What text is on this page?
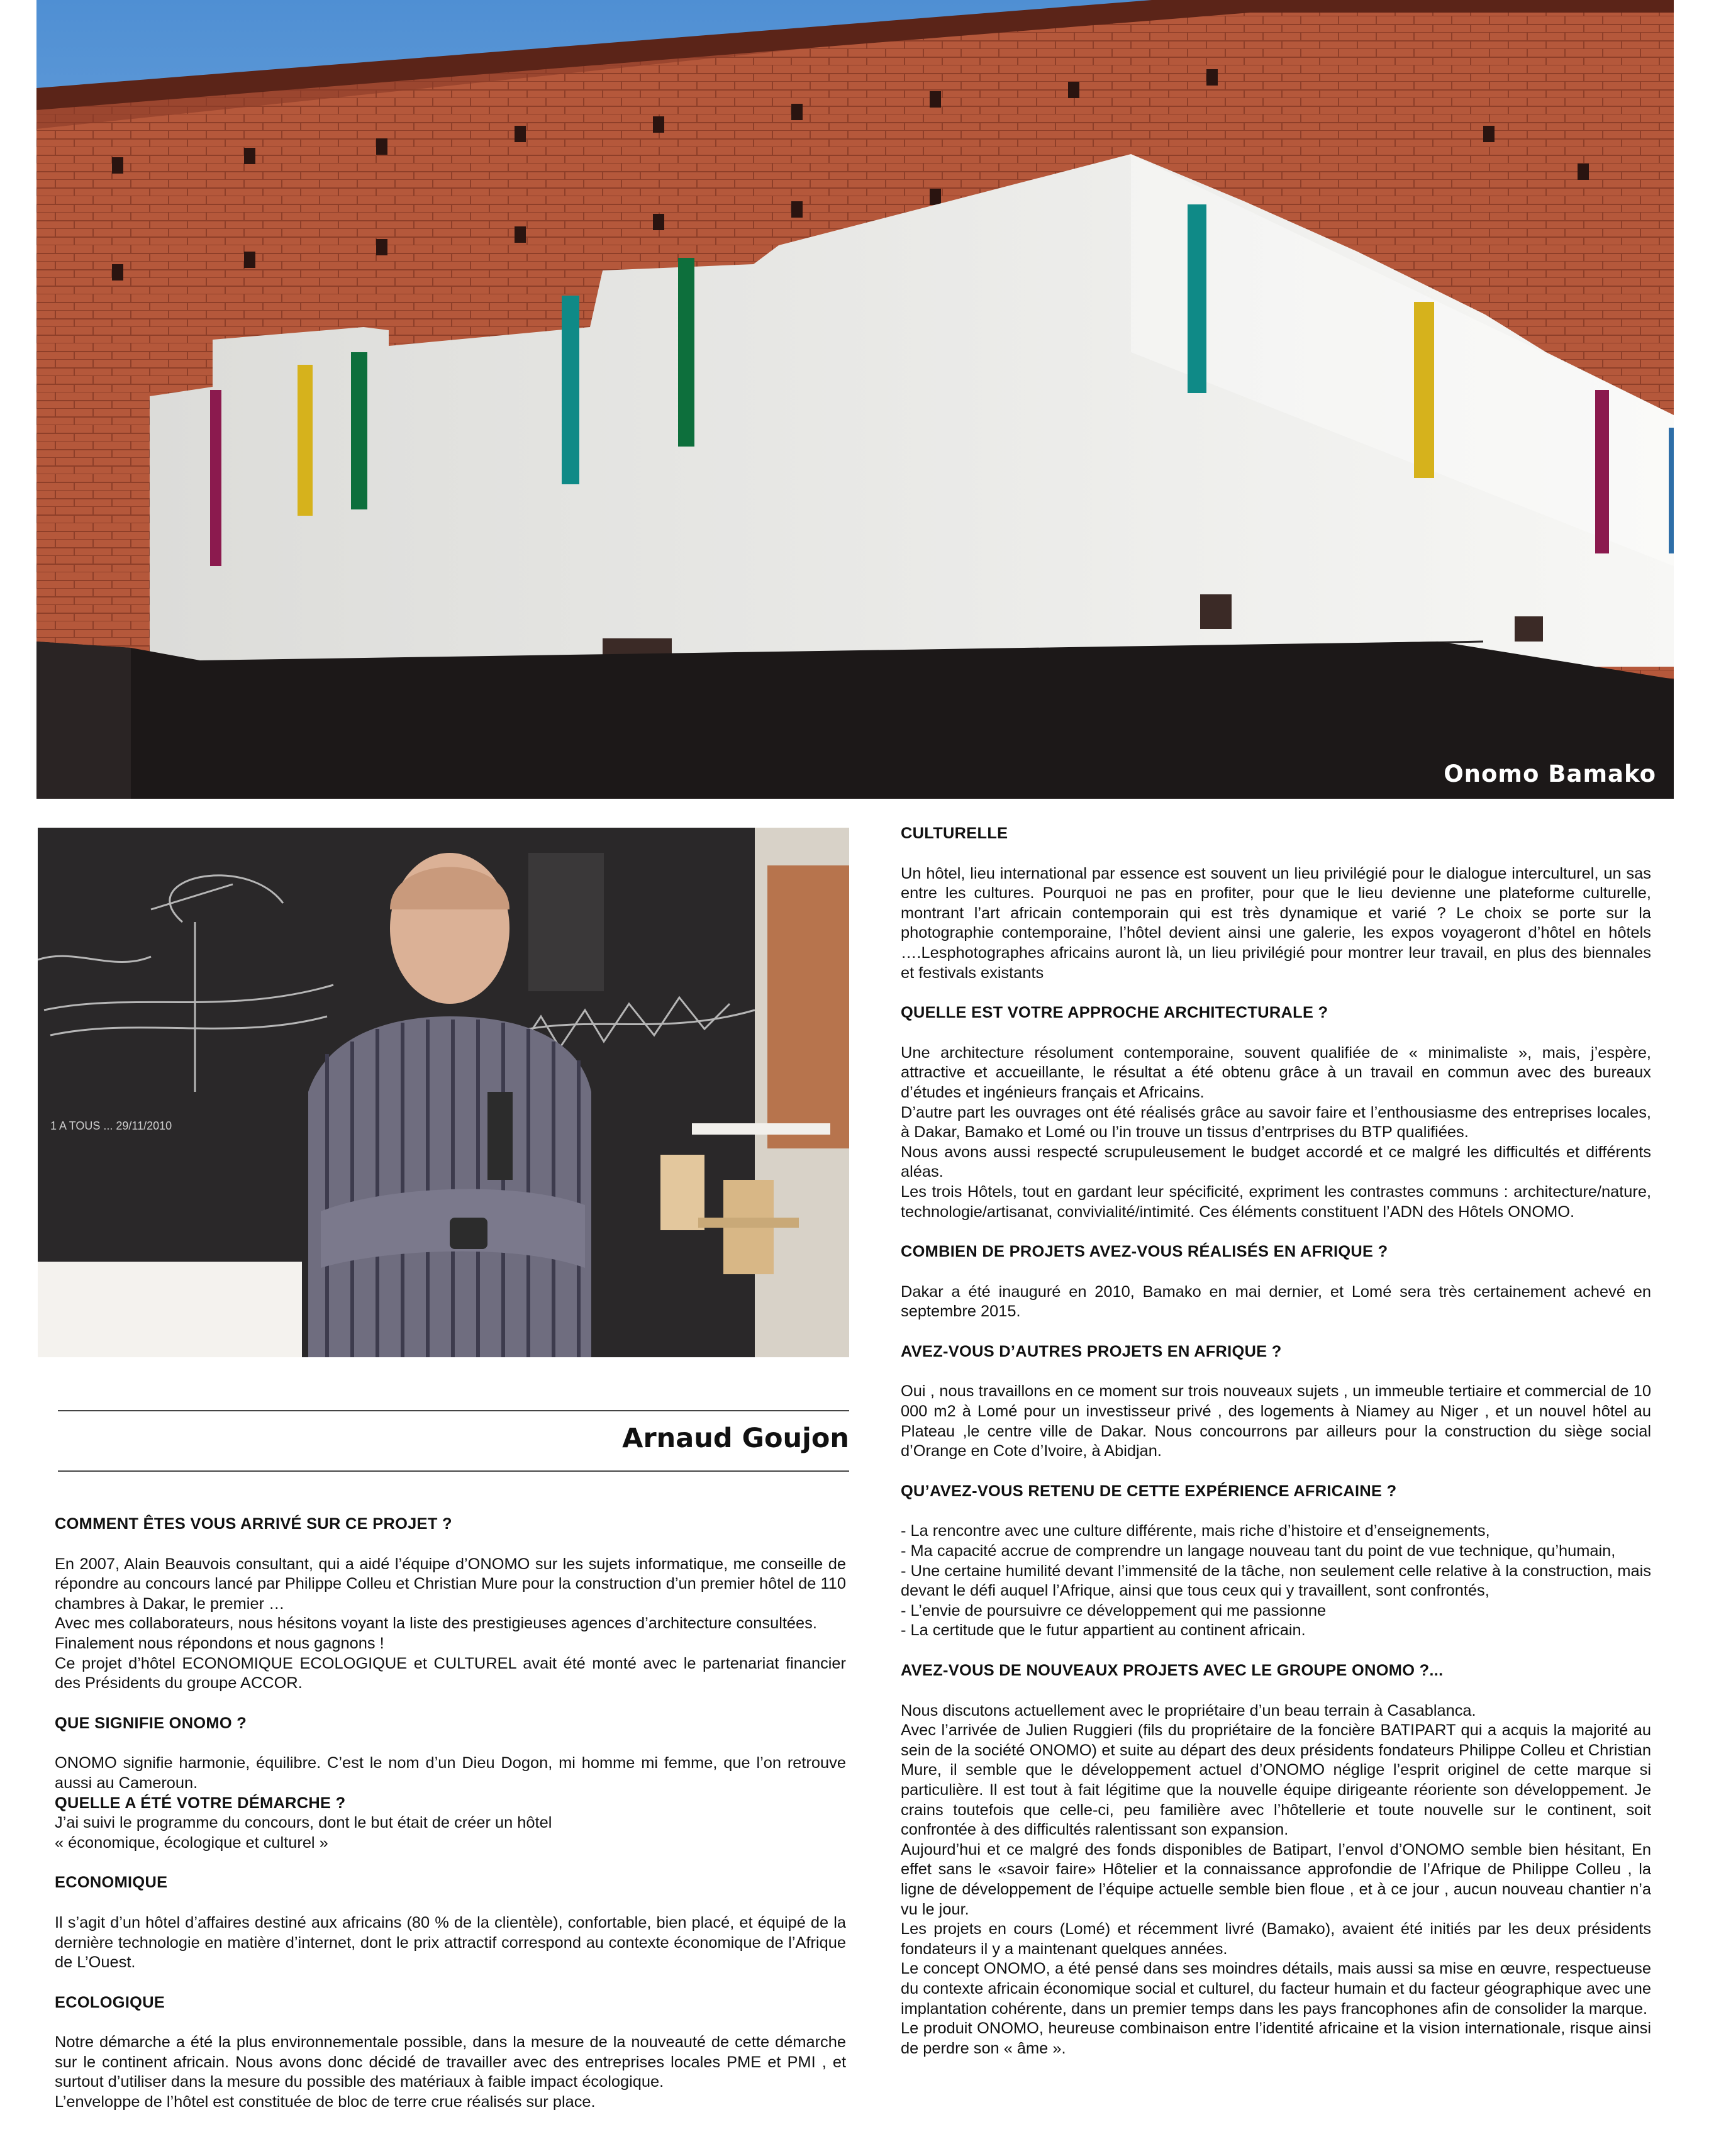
Onomo Bamako
1 A TOUS ... 29/11/2010
Arnaud Goujon
COMMENT ÊTES VOUS ARRIVÉ SUR CE PROJET ?

En 2007, Alain Beauvois consultant, qui a aidé l’équipe d’ONOMO sur les sujets informatique, me conseille de répondre au concours lancé par Philippe Colleu et Christian Mure pour la construction d’un premier hôtel de 110 chambres à Dakar, le premier …

Avec mes collaborateurs, nous hésitons voyant la liste des prestigieuses agences d’architecture consultées.

Finalement nous répondons et nous gagnons !

Ce projet d’hôtel ECONOMIQUE ECOLOGIQUE et CULTUREL avait été monté avec le partenariat financier des Présidents du groupe ACCOR.

QUE SIGNIFIE ONOMO ?

ONOMO signifie harmonie, équilibre. C’est le nom d’un Dieu Dogon, mi homme mi femme, que l’on retrouve aussi au Cameroun.

QUELLE A ÉTÉ VOTRE DÉMARCHE ?

J’ai suivi le programme du concours, dont le but était de créer un hôtel

« économique, écologique et culturel »

ECONOMIQUE

Il s’agit d’un hôtel d’affaires destiné aux africains (80 % de la clientèle), confortable, bien placé, et équipé de la dernière technologie en matière d’internet, dont le prix attractif correspond au contexte économique de l’Afrique de L’Ouest.

ECOLOGIQUE

Notre démarche a été la plus environnementale possible, dans la mesure de la nouveauté de cette démarche sur le continent africain. Nous avons donc décidé de travailler avec des entreprises locales PME et PMI , et surtout d’utiliser dans la mesure du possible des matériaux à faible impact écologique.

L’enveloppe de l’hôtel est constituée de bloc de terre crue réalisés sur place.

CULTURELLE

Un hôtel, lieu international par essence est souvent un lieu privilégié pour le dialogue interculturel, un sas entre les cultures. Pourquoi ne pas en profiter, pour que le lieu devienne une plateforme culturelle, montrant l’art africain contemporain qui est très dynamique et varié ? Le choix se porte sur la photographie contemporaine, l’hôtel devient ainsi une galerie, les expos voyageront d’hôtel en hôtels ….Lesphotographes africains auront là, un lieu privilégié pour montrer leur travail, en plus des biennales et festivals existants

QUELLE EST VOTRE APPROCHE ARCHITECTURALE ?

Une architecture résolument contemporaine, souvent qualifiée de « minimaliste », mais, j’espère, attractive et accueillante, le résultat a été obtenu grâce à un travail en commun avec des bureaux d’études et ingénieurs français et Africains.

D’autre part les ouvrages ont été réalisés grâce au savoir faire et l’enthousiasme des entreprises locales, à Dakar, Bamako et Lomé ou l’in trouve un tissus d’entrprises du BTP qualifiées.

Nous avons aussi respecté scrupuleusement le budget accordé et ce malgré les difficultés et différents aléas.

Les trois Hôtels, tout en gardant leur spécificité, expriment les contrastes communs : architecture/nature, technologie/artisanat, convivialité/intimité. Ces éléments constituent l’ADN des Hôtels ONOMO.

COMBIEN DE PROJETS AVEZ-VOUS RÉALISÉS EN AFRIQUE ?

Dakar a été inauguré en 2010, Bamako en mai dernier, et Lomé sera très certainement achevé en septembre 2015.

AVEZ-VOUS D’AUTRES PROJETS EN AFRIQUE ?

Oui , nous travaillons en ce moment sur trois nouveaux sujets , un immeuble tertiaire et commercial de 10 000 m2 à Lomé pour un investisseur privé , des logements à Niamey au Niger , et un nouvel hôtel au Plateau ,le centre ville de Dakar. Nous concourrons par ailleurs pour la construction du siège social d’Orange en Cote d’Ivoire, à Abidjan.

QU’AVEZ-VOUS RETENU DE CETTE EXPÉRIENCE AFRICAINE ?

- La rencontre avec une culture différente, mais riche d’histoire et d’enseignements,

- Ma capacité accrue de comprendre un langage nouveau tant du point de vue technique, qu’humain,

- Une certaine humilité devant l’immensité de la tâche, non seulement celle relative à la construction, mais devant le défi auquel l’Afrique, ainsi que tous ceux qui y travaillent, sont confrontés,

- L’envie de poursuivre ce développement qui me passionne

- La certitude que le futur appartient au continent africain.

AVEZ-VOUS DE NOUVEAUX PROJETS AVEC LE GROUPE ONOMO ?...

Nous discutons actuellement avec le propriétaire d’un beau terrain à Casablanca.

Avec l’arrivée de Julien Ruggieri (fils du propriétaire de la foncière BATIPART qui a acquis la majorité au sein de la société ONOMO) et suite au départ des deux présidents fondateurs Philippe Colleu et Christian Mure, il semble que le développement actuel d’ONOMO néglige l’esprit originel de cette marque si particulière. Il est tout à fait légitime que la nouvelle équipe dirigeante réoriente son développement. Je crains toutefois que celle-ci, peu familière avec l’hôtellerie et toute nouvelle sur le continent, soit confrontée à des difficultés ralentissant son expansion.

Aujourd’hui et ce malgré des fonds disponibles de Batipart, l’envol d’ONOMO semble bien hésitant, En effet sans le «savoir faire» Hôtelier et la connaissance approfondie de l’Afrique de Philippe Colleu , la ligne de développement de l’équipe actuelle semble bien floue , et à ce jour , aucun nouveau chantier n’a vu le jour.

Les projets en cours (Lomé) et récemment livré (Bamako), avaient été initiés par les deux présidents fondateurs il y a maintenant quelques années.

Le concept ONOMO, a été pensé dans ses moindres détails, mais aussi sa mise en œuvre, respectueuse du contexte africain économique social et culturel, du facteur humain et du facteur géographique avec une implantation cohérente, dans un premier temps dans les pays francophones afin de consolider la marque.

Le produit ONOMO, heureuse combinaison entre l’identité africaine et la vision internationale, risque ainsi de perdre son « âme ».
